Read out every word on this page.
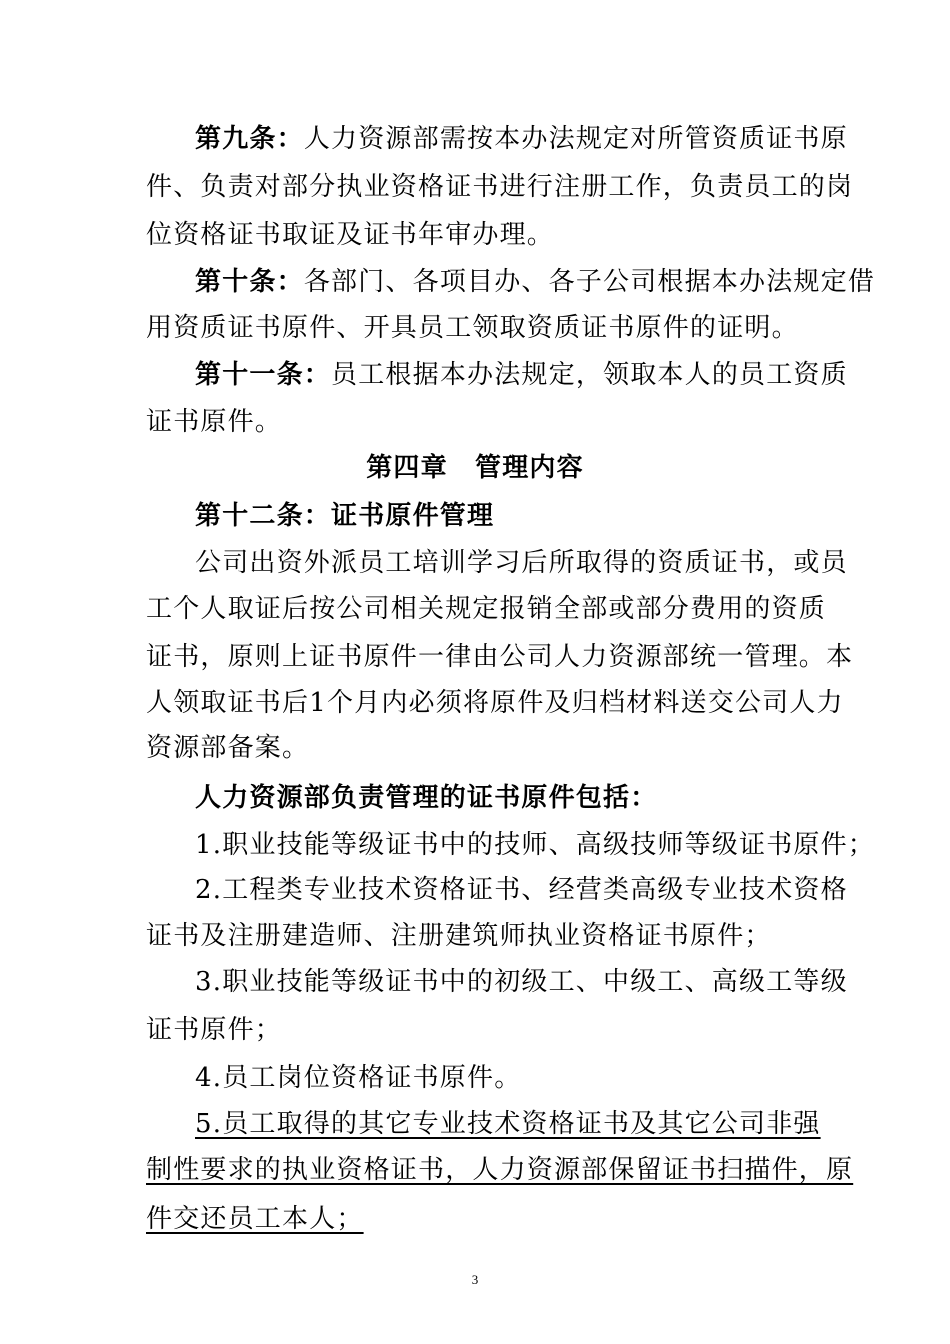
第九条：人力资源部需按本办法规定对所管资质证书原
件、负责对部分执业资格证书进行注册工作，负责员工的岗
位资格证书取证及证书年审办理。
第十条：各部门、各项目办、各子公司根据本办法规定借
用资质证书原件、开具员工领取资质证书原件的证明。
第十一条：员工根据本办法规定，领取本人的员工资质
证书原件。
第四章　管理内容
第十二条：证书原件管理
公司出资外派员工培训学习后所取得的资质证书，或员
工个人取证后按公司相关规定报销全部或部分费用的资质
证书，原则上证书原件一律由公司人力资源部统一管理。本
人领取证书后1个月内必须将原件及归档材料送交公司人力
资源部备案。
人力资源部负责管理的证书原件包括：
1.职业技能等级证书中的技师、高级技师等级证书原件；
2.工程类专业技术资格证书、经营类高级专业技术资格
证书及注册建造师、注册建筑师执业资格证书原件；
3.职业技能等级证书中的初级工、中级工、高级工等级
证书原件；
4.员工岗位资格证书原件。
5.员工取得的其它专业技术资格证书及其它公司非强
制性要求的执业资格证书，人力资源部保留证书扫描件，原
件交还员工本人；
3
